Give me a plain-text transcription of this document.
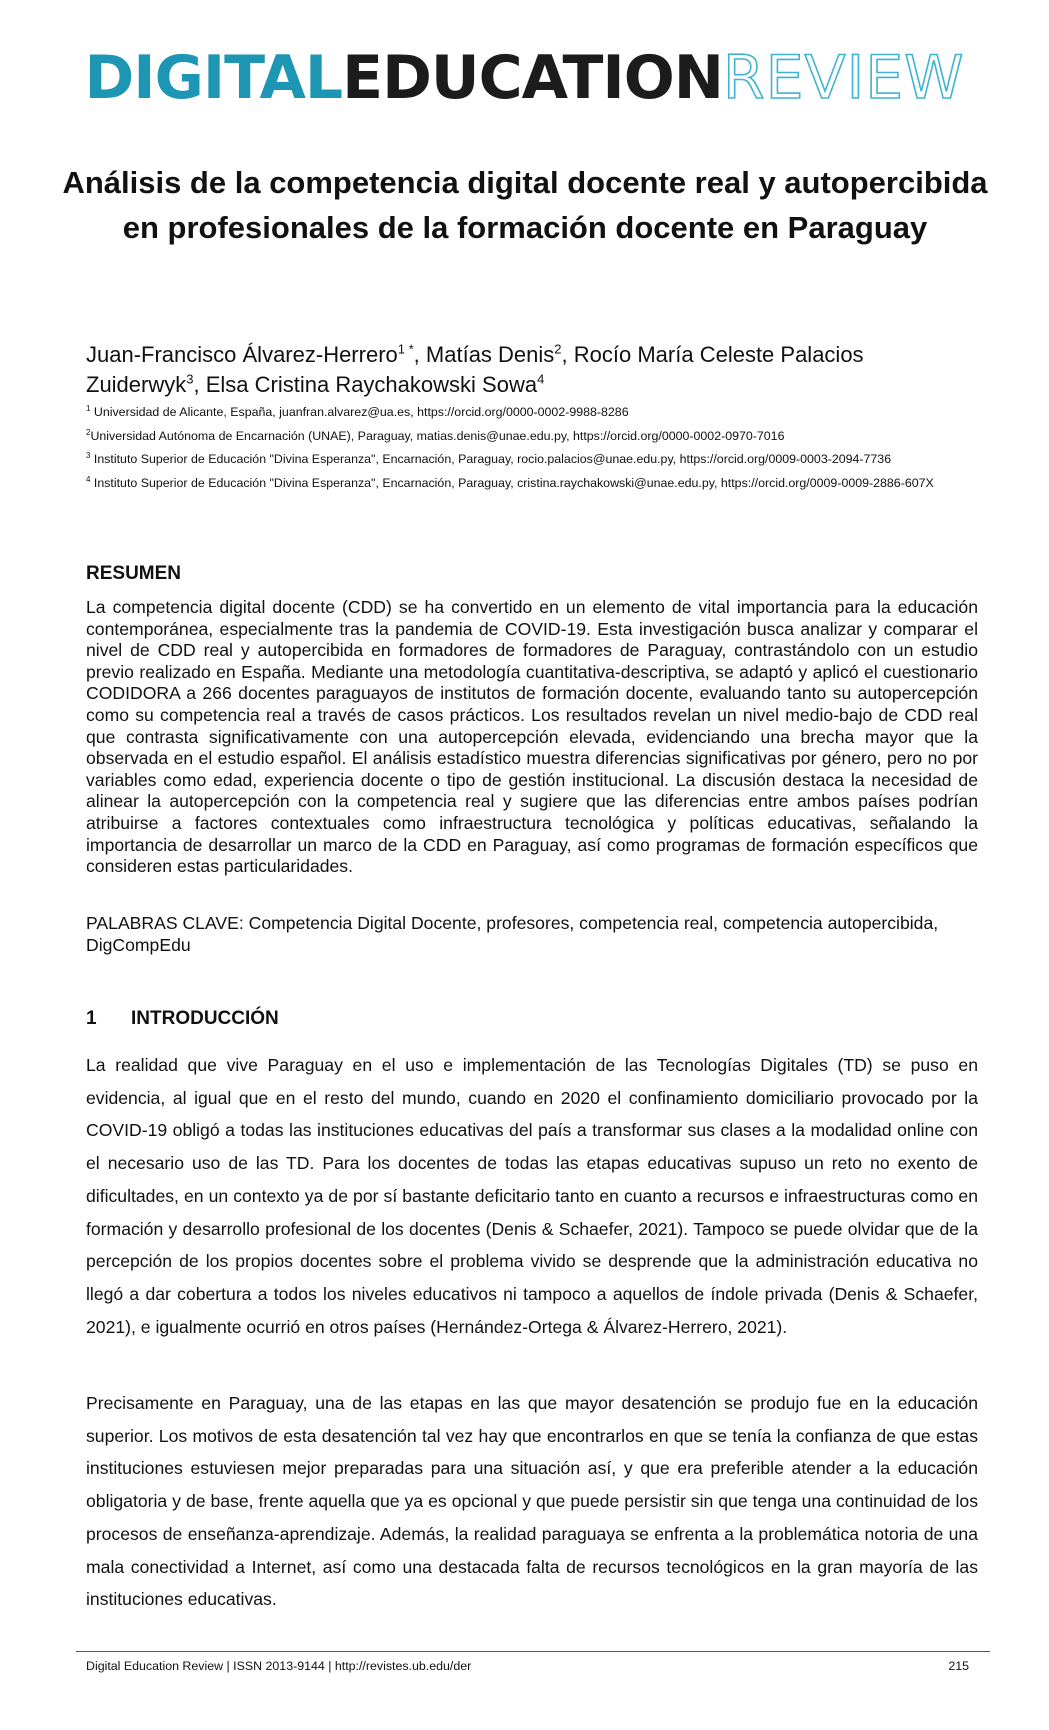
DIGITALEDUCATIONREVIEW
Análisis de la competencia digital docente real y autopercibida en profesionales de la formación docente en Paraguay
Juan-Francisco Álvarez-Herrero$^{1 *}$, Matías Denis$^2$, Rocío María Celeste Palacios Zuiderwyk$^3$, Elsa Cristina Raychakowski Sowa$^4$
$^1$ Universidad de Alicante, España, juanfran.alvarez@ua.es, https://orcid.org/0000-0002-9988-8286
$^2$Universidad Autónoma de Encarnación (UNAE), Paraguay, matias.denis@unae.edu.py, https://orcid.org/0000-0002-0970-7016
$^3$ Instituto Superior de Educación "Divina Esperanza", Encarnación, Paraguay, rocio.palacios@unae.edu.py, https://orcid.org/0009-0003-2094-7736
$^4$ Instituto Superior de Educación "Divina Esperanza", Encarnación, Paraguay, cristina.raychakowski@unae.edu.py, https://orcid.org/0009-0009-2886-607X
RESUMEN

La competencia digital docente (CDD) se ha convertido en un elemento de vital importancia para la educación contemporánea, especialmente tras la pandemia de COVID-19. Esta investigación busca analizar y comparar el nivel de CDD real y autopercibida en formadores de formadores de Paraguay, contrastándolo con un estudio previo realizado en España. Mediante una metodología cuantitativa-descriptiva, se adaptó y aplicó el cuestionario CODIDORA a 266 docentes paraguayos de institutos de formación docente, evaluando tanto su autopercepción como su competencia real a través de casos prácticos. Los resultados revelan un nivel medio-bajo de CDD real que contrasta significativamente con una autopercepción elevada, evidenciando una brecha mayor que la observada en el estudio español. El análisis estadístico muestra diferencias significativas por género, pero no por variables como edad, experiencia docente o tipo de gestión institucional. La discusión destaca la necesidad de alinear la autopercepción con la competencia real y sugiere que las diferencias entre ambos países podrían atribuirse a factores contextuales como infraestructura tecnológica y políticas educativas, señalando la importancia de desarrollar un marco de la CDD en Paraguay, así como programas de formación específicos que consideren estas particularidades.

PALABRAS CLAVE: Competencia Digital Docente, profesores, competencia real, competencia autopercibida, DigCompEdu

1 INTRODUCCIÓN

La realidad que vive Paraguay en el uso e implementación de las Tecnologías Digitales (TD) se puso en evidencia, al igual que en el resto del mundo, cuando en 2020 el confinamiento domiciliario provocado por la COVID-19 obligó a todas las instituciones educativas del país a transformar sus clases a la modalidad online con el necesario uso de las TD. Para los docentes de todas las etapas educativas supuso un reto no exento de dificultades, en un contexto ya de por sí bastante deficitario tanto en cuanto a recursos e infraestructuras como en formación y desarrollo profesional de los docentes (Denis & Schaefer, 2021). Tampoco se puede olvidar que de la percepción de los propios docentes sobre el problema vivido se desprende que la administración educativa no llegó a dar cobertura a todos los niveles educativos ni tampoco a aquellos de índole privada (Denis & Schaefer, 2021), e igualmente ocurrió en otros países (Hernández-Ortega & Álvarez-Herrero, 2021).

Precisamente en Paraguay, una de las etapas en las que mayor desatención se produjo fue en la educación superior. Los motivos de esta desatención tal vez hay que encontrarlos en que se tenía la confianza de que estas instituciones estuviesen mejor preparadas para una situación así, y que era preferible atender a la educación obligatoria y de base, frente aquella que ya es opcional y que puede persistir sin que tenga una continuidad de los procesos de enseñanza-aprendizaje. Además, la realidad paraguaya se enfrenta a la problemática notoria de una mala conectividad a Internet, así como una destacada falta de recursos tecnológicos en la gran mayoría de las instituciones educativas.

Digital Education Review | ISSN 2013-9144 | http://revistes.ub.edu/der	215
